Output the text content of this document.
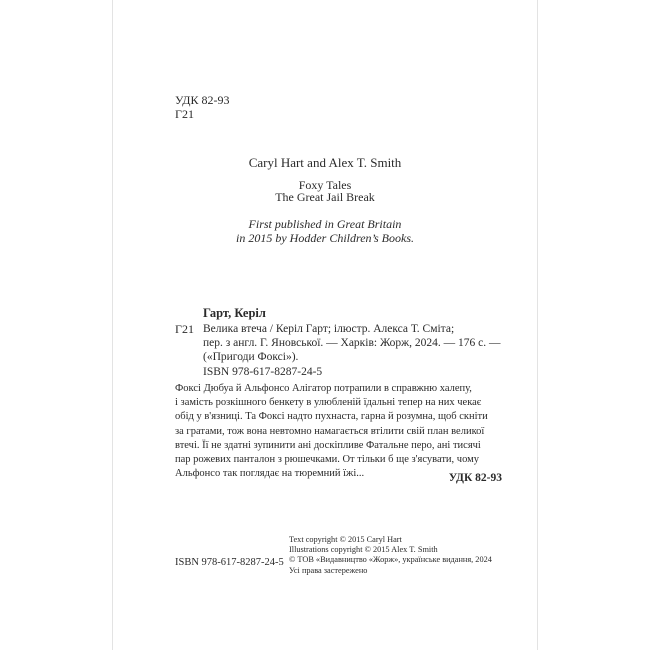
УДК 82-93
Г21
Caryl Hart and Alex T. Smith
Foxy Tales
The Great Jail Break
First published in Great Britain
in 2015 by Hodder Children’s Books.
Гарт, Керіл
Г21 Велика втеча / Керіл Гарт; ілюстр. Алекса Т. Сміта;
пер. з англ. Г. Яновської. — Харків: Жорж, 2024. — 176 с. —
(«Пригоди Фоксі»).
ISBN 978-617-8287-24-5
Фоксі Дюбуа й Альфонсо Алігатор потрапили в справжню халепу,
і замість розкішного бенкету в улюбленій їдальні тепер на них чекає
обід у в'язниці. Та Фоксі надто пухнаста, гарна й розумна, щоб скніти
за гратами, тож вона невтомно намагається втілити свій план великої
втечі. Її не здатні зупинити ані доскіпливе Фатальне перо, ані тисячі
пар рожевих панталон з рюшечками. От тільки б ще з'ясувати, чому
Альфонсо так поглядає на тюремний їжі...	УДК 82-93
Text copyright © 2015 Caryl Hart
Illustrations copyright © 2015 Alex T. Smith
© ТОВ «Видавництво «Жорж», українське видання, 2024
Усі права застережено
ISBN 978-617-8287-24-5
